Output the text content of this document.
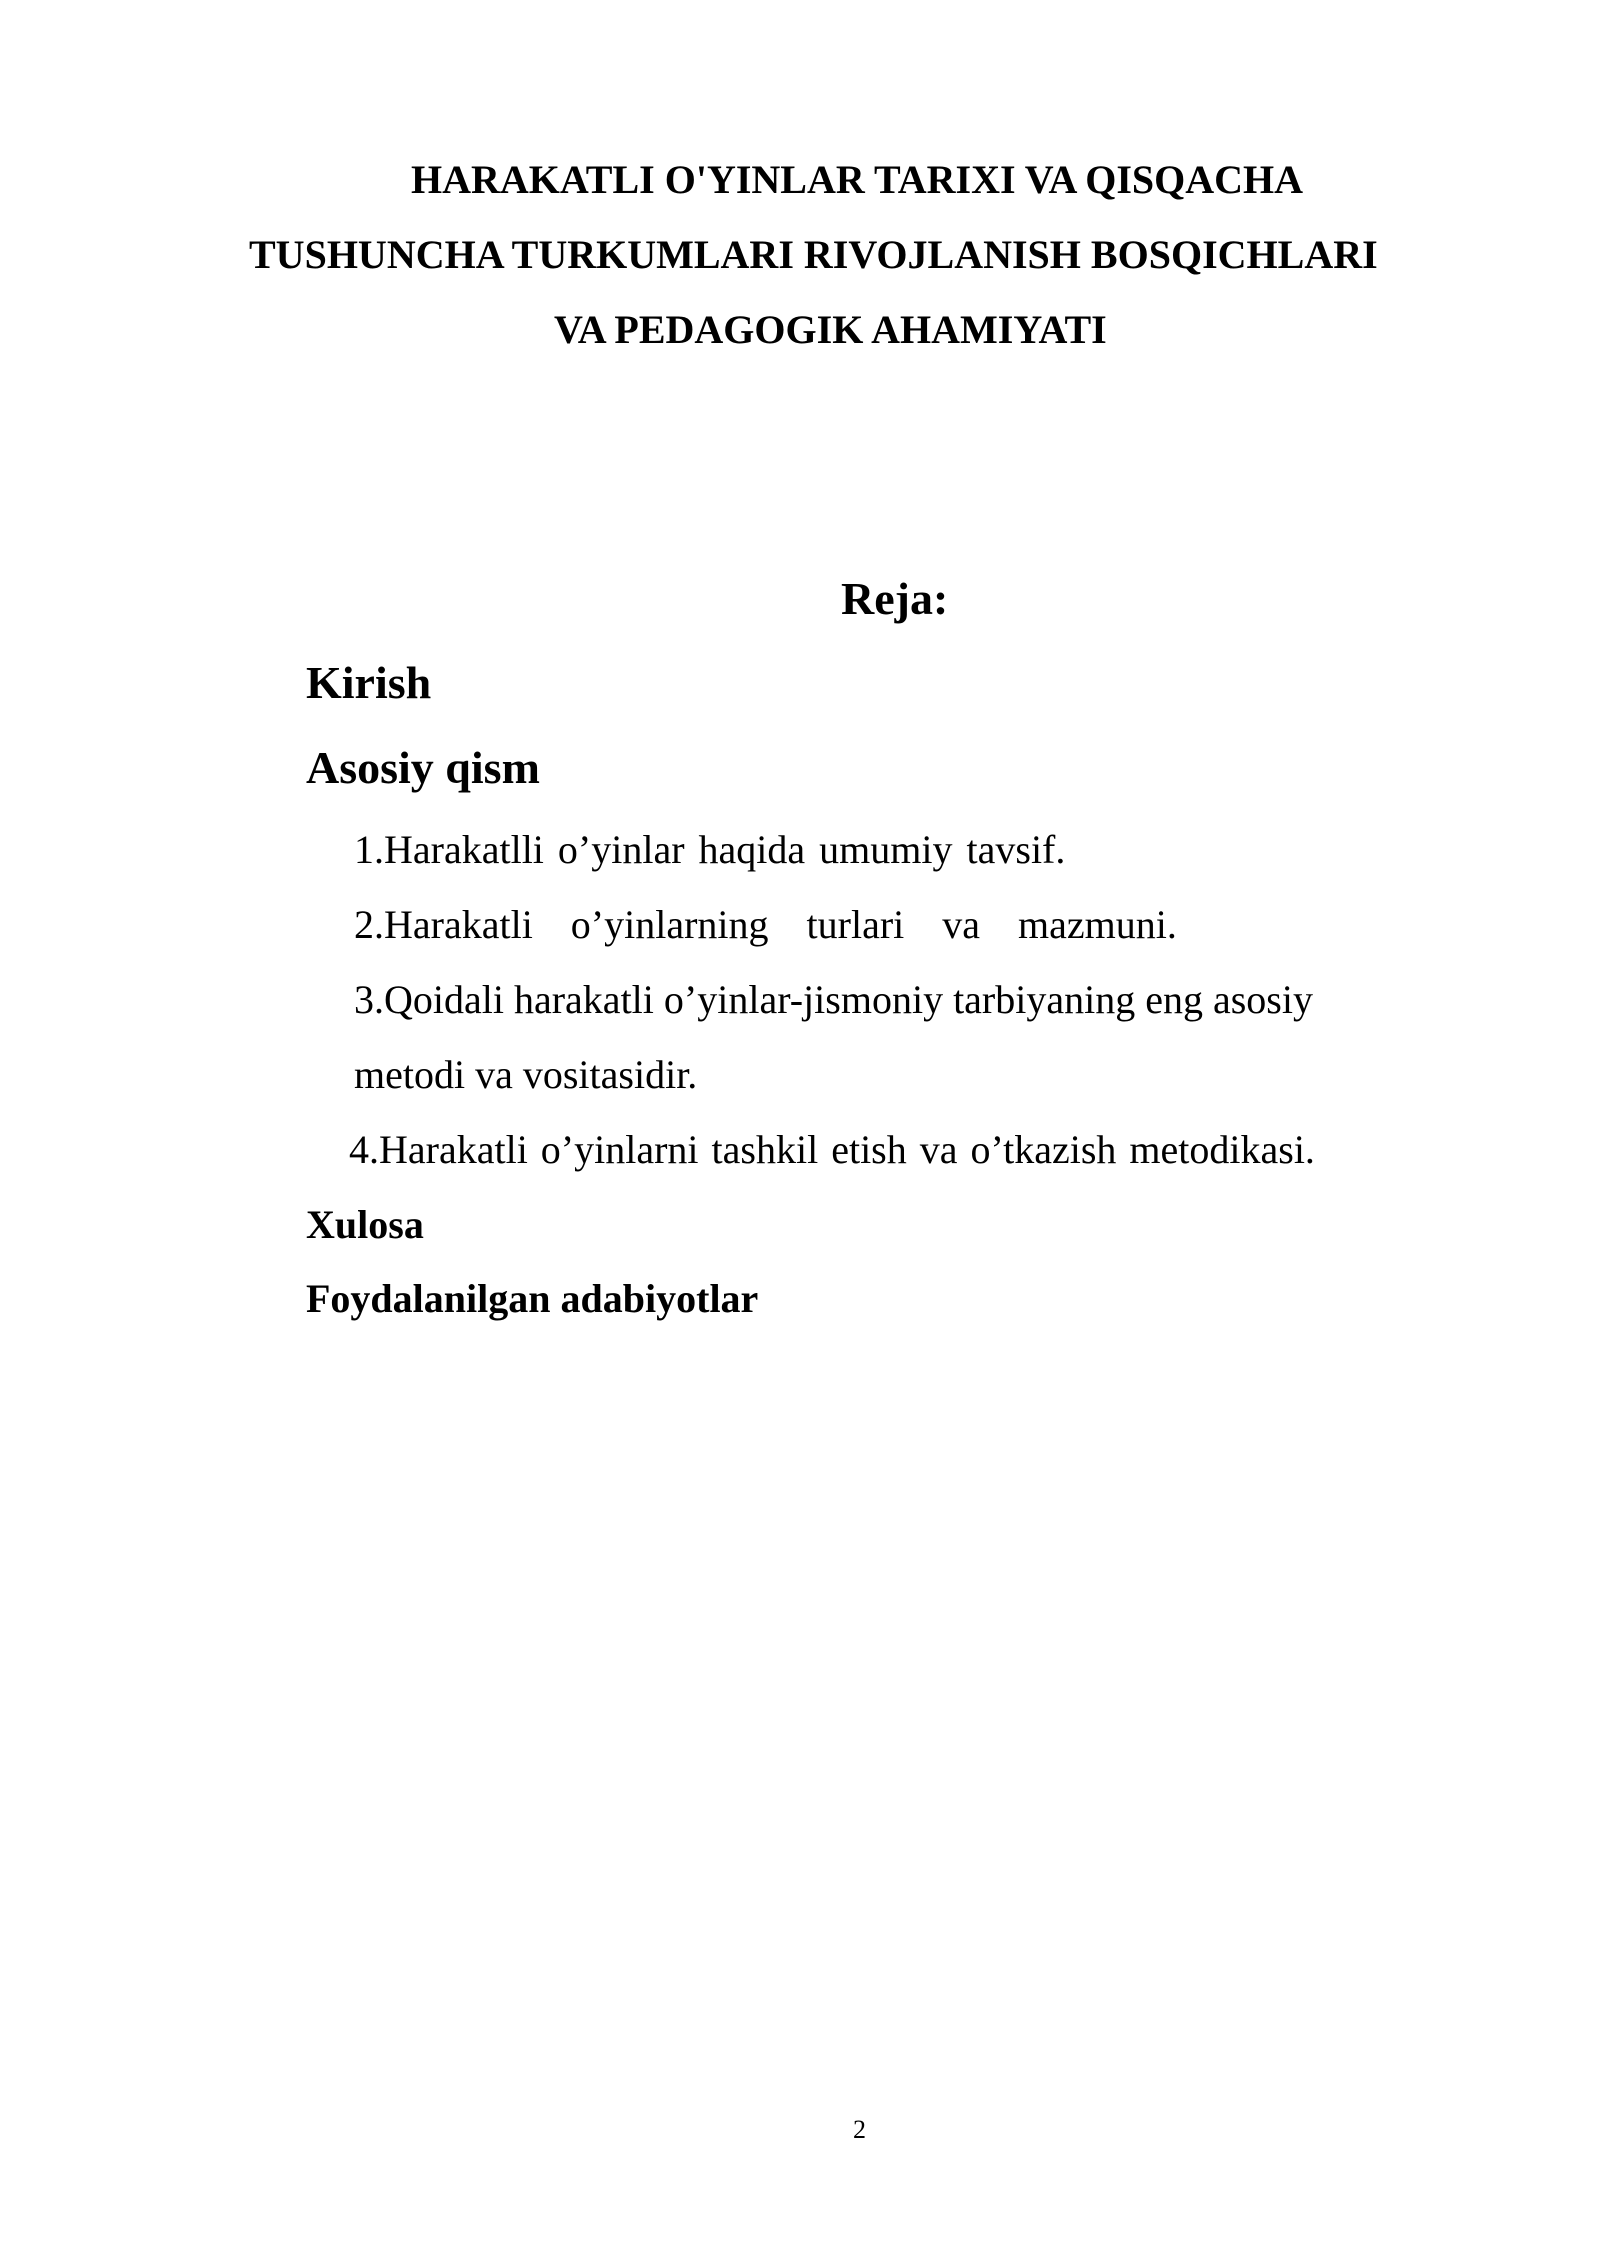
HARAKATLI O'YINLAR TARIXI VA QISQACHA
TUSHUNCHA TURKUMLARI RIVOJLANISH BOSQICHLARI
VA PEDAGOGIK AHAMIYATI
Reja:
Kirish
Asosiy qism
1.Harakatlli o’yinlar haqida umumiy tavsif.
2.Harakatli o’yinlarning turlari va mazmuni.
3.Qoidali harakatli o’yinlar-jismoniy tarbiyaning eng asosiy
metodi va vositasidir.
4.Harakatli o’yinlarni tashkil etish va o’tkazish metodikasi.
Xulosa
Foydalanilgan adabiyotlar
2
